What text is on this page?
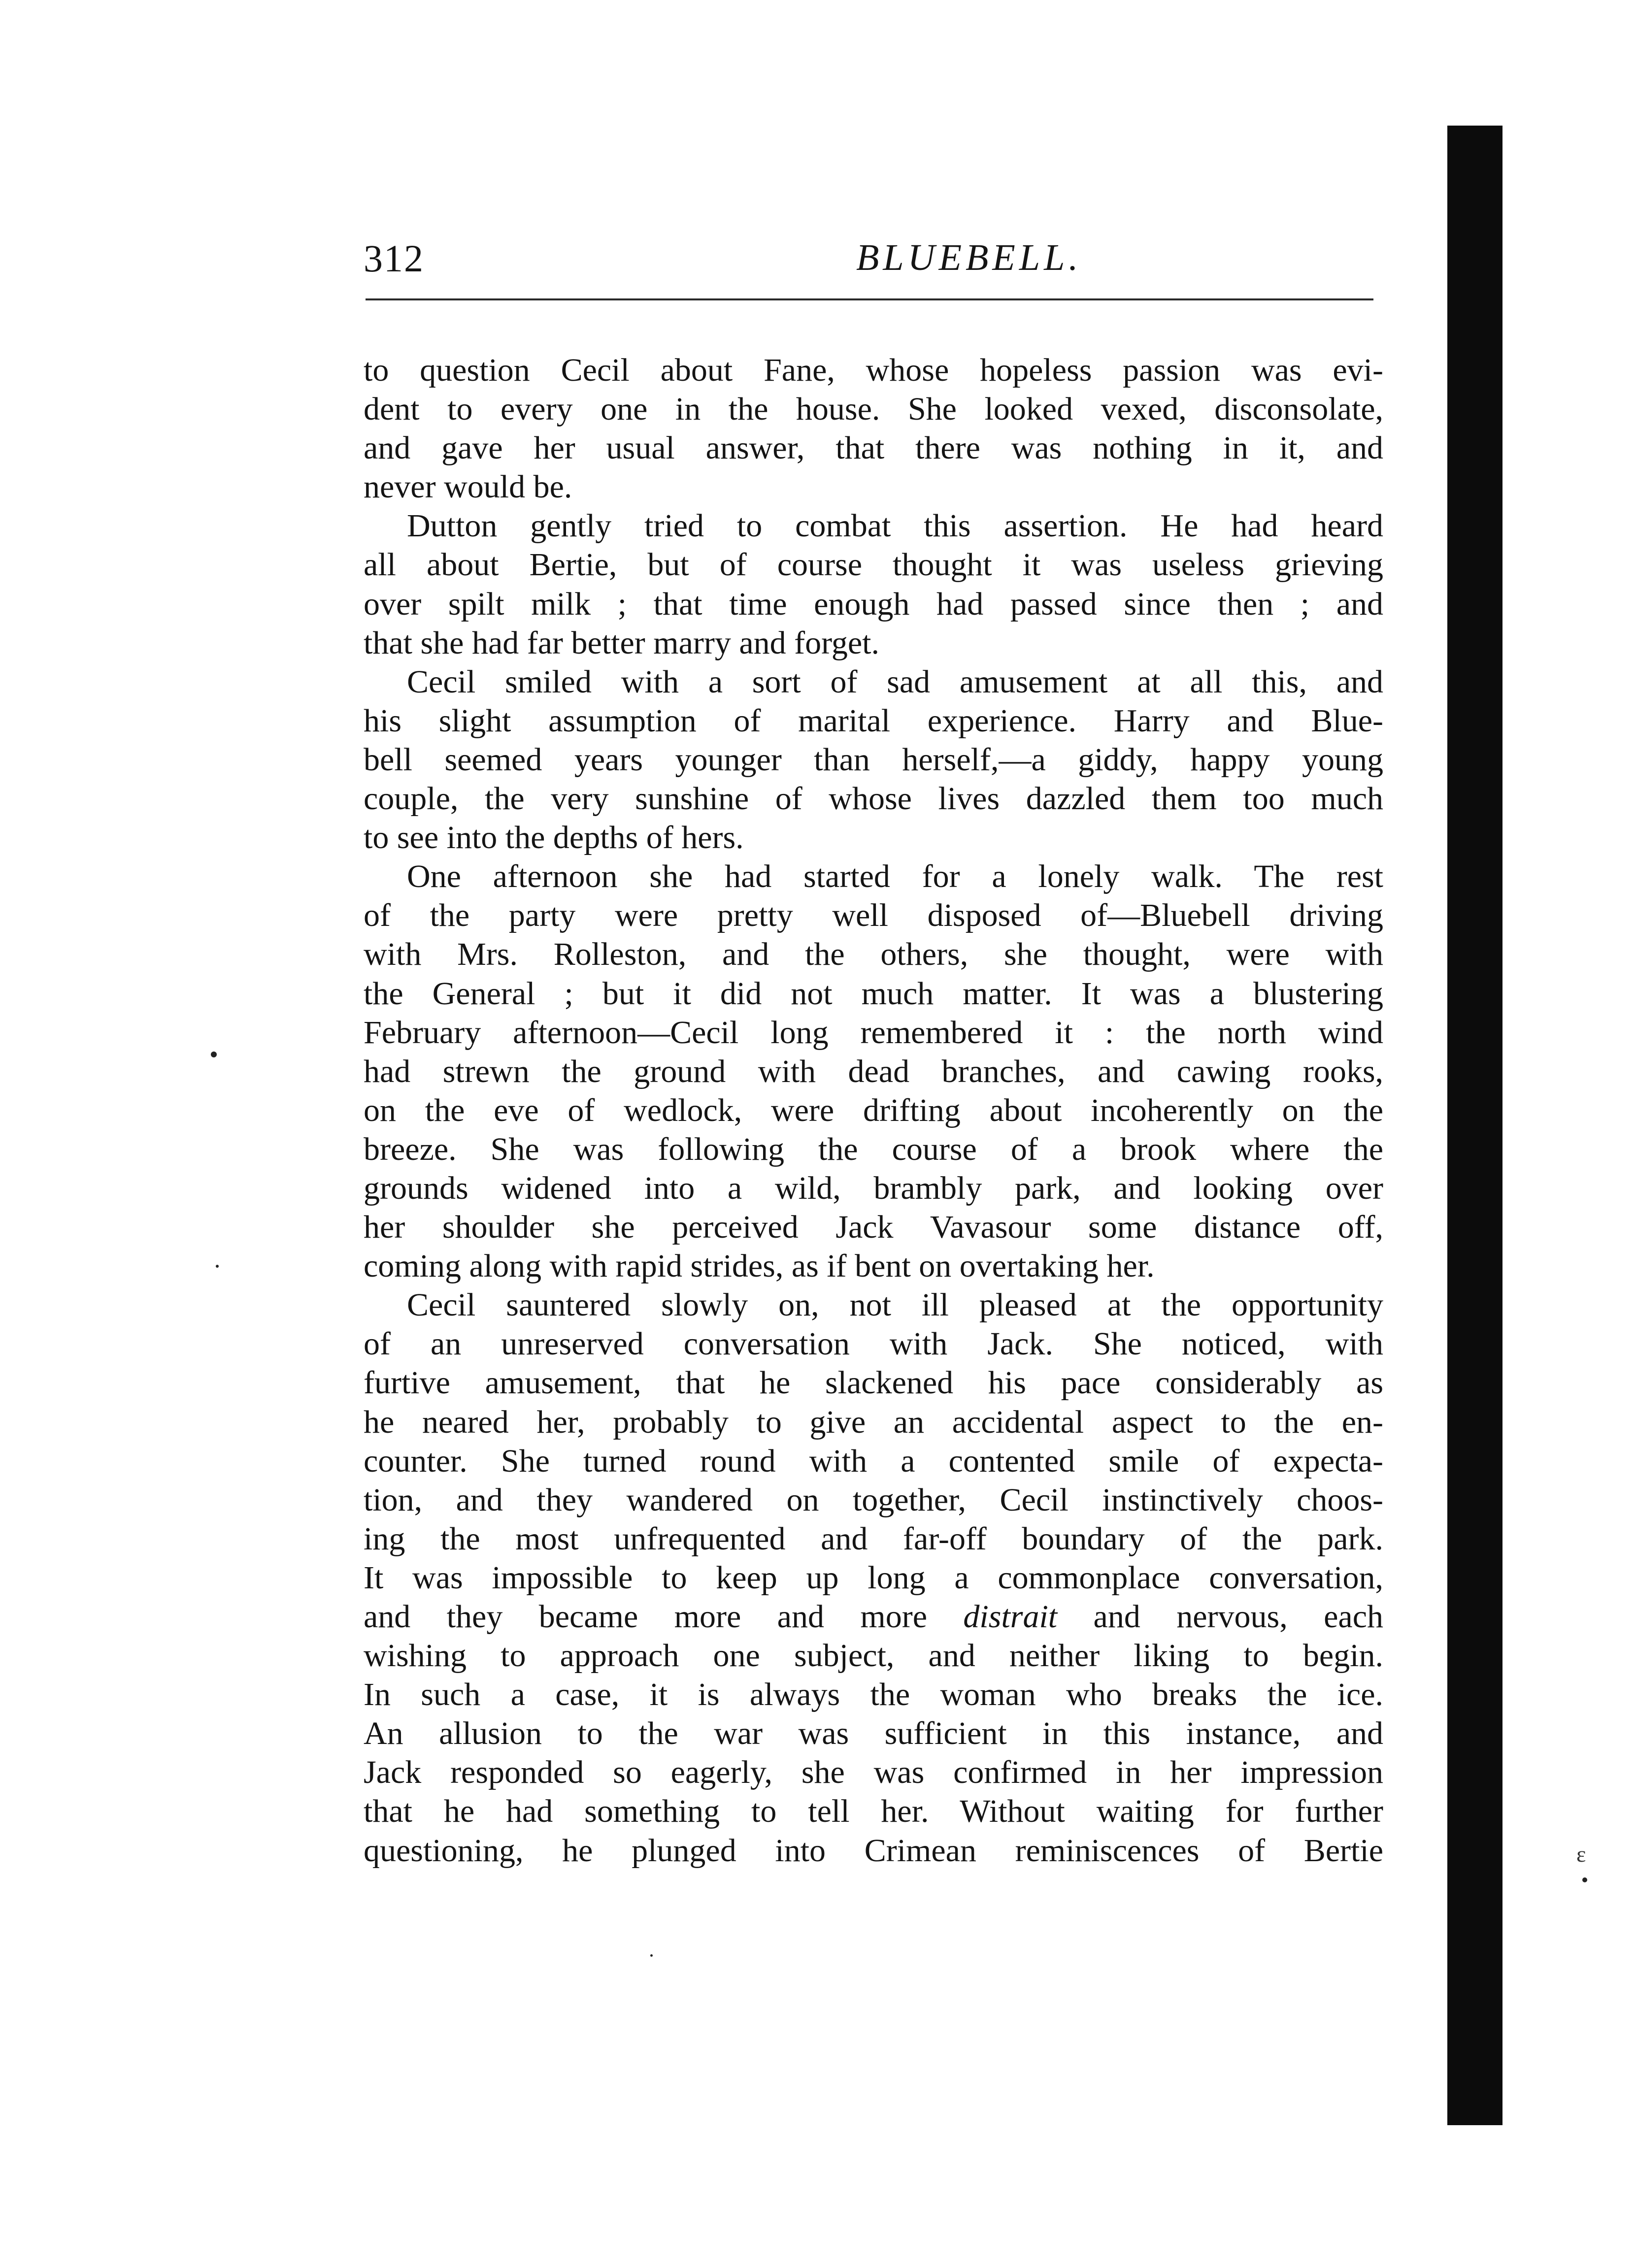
312	BLUEBELL.
to question Cecil about Fane, whose hopeless passion was evi-
dent to every one in the house. She looked vexed, disconsolate,
and gave her usual answer, that there was nothing in it, and
never would be.
Dutton gently tried to combat this assertion. He had heard
all about Bertie, but of course thought it was useless grieving
over spilt milk ; that time enough had passed since then ; and
that she had far better marry and forget.
Cecil smiled with a sort of sad amusement at all this, and
his slight assumption of marital experience. Harry and Blue-
bell seemed years younger than herself,—a giddy, happy young
couple, the very sunshine of whose lives dazzled them too much
to see into the depths of hers.
One afternoon she had started for a lonely walk. The rest
of the party were pretty well disposed of—Bluebell driving
with Mrs. Rolleston, and the others, she thought, were with
the General ; but it did not much matter. It was a blustering
February afternoon—Cecil long remembered it : the north wind
had strewn the ground with dead branches, and cawing rooks,
on the eve of wedlock, were drifting about incoherently on the
breeze. She was following the course of a brook where the
grounds widened into a wild, brambly park, and looking over
her shoulder she perceived Jack Vavasour some distance off,
coming along with rapid strides, as if bent on overtaking her.
Cecil sauntered slowly on, not ill pleased at the opportunity
of an unreserved conversation with Jack. She noticed, with
furtive amusement, that he slackened his pace considerably as
he neared her, probably to give an accidental aspect to the en-
counter. She turned round with a contented smile of expecta-
tion, and they wandered on together, Cecil instinctively choos-
ing the most unfrequented and far-off boundary of the park.
It was impossible to keep up long a commonplace conversation,
and they became more and more distrait and nervous, each
wishing to approach one subject, and neither liking to begin.
In such a case, it is always the woman who breaks the ice.
An allusion to the war was sufficient in this instance, and
Jack responded so eagerly, she was confirmed in her impression
that he had something to tell her. Without waiting for further
questioning, he plunged into Crimean reminiscences of Bertie	ε
